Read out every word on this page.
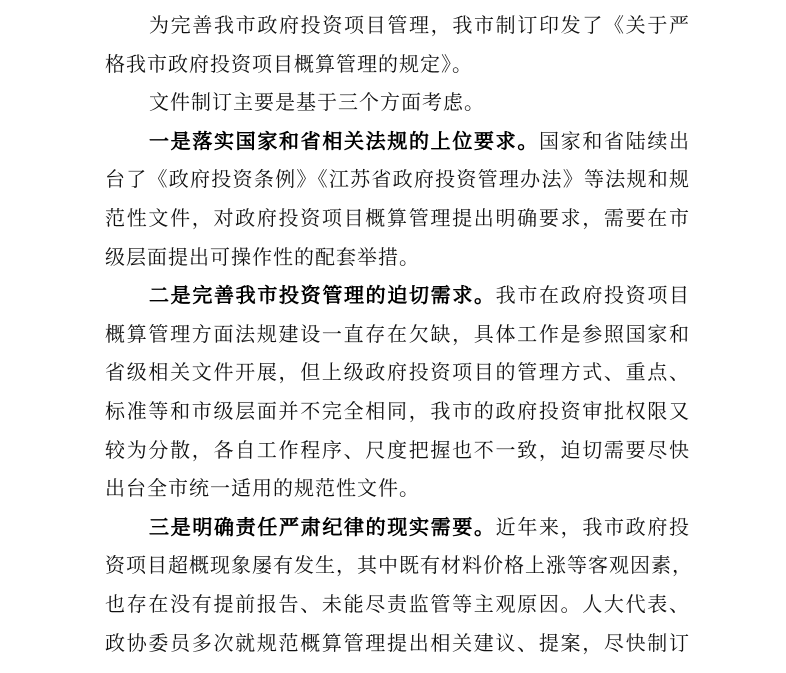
为完善我市政府投资项目管理，我市制订印发了《关于严
格我市政府投资项目概算管理的规定》。
文件制订主要是基于三个方面考虑。
一是落实国家和省相关法规的上位要求。国家和省陆续出
台了《政府投资条例》《江苏省政府投资管理办法》等法规和规
范性文件，对政府投资项目概算管理提出明确要求，需要在市
级层面提出可操作性的配套举措。
二是完善我市投资管理的迫切需求。我市在政府投资项目
概算管理方面法规建设一直存在欠缺，具体工作是参照国家和
省级相关文件开展，但上级政府投资项目的管理方式、重点、
标准等和市级层面并不完全相同，我市的政府投资审批权限又
较为分散，各自工作程序、尺度把握也不一致，迫切需要尽快
出台全市统一适用的规范性文件。
三是明确责任严肃纪律的现实需要。近年来，我市政府投
资项目超概现象屡有发生，其中既有材料价格上涨等客观因素，
也存在没有提前报告、未能尽责监管等主观原因。人大代表、
政协委员多次就规范概算管理提出相关建议、提案，尽快制订
